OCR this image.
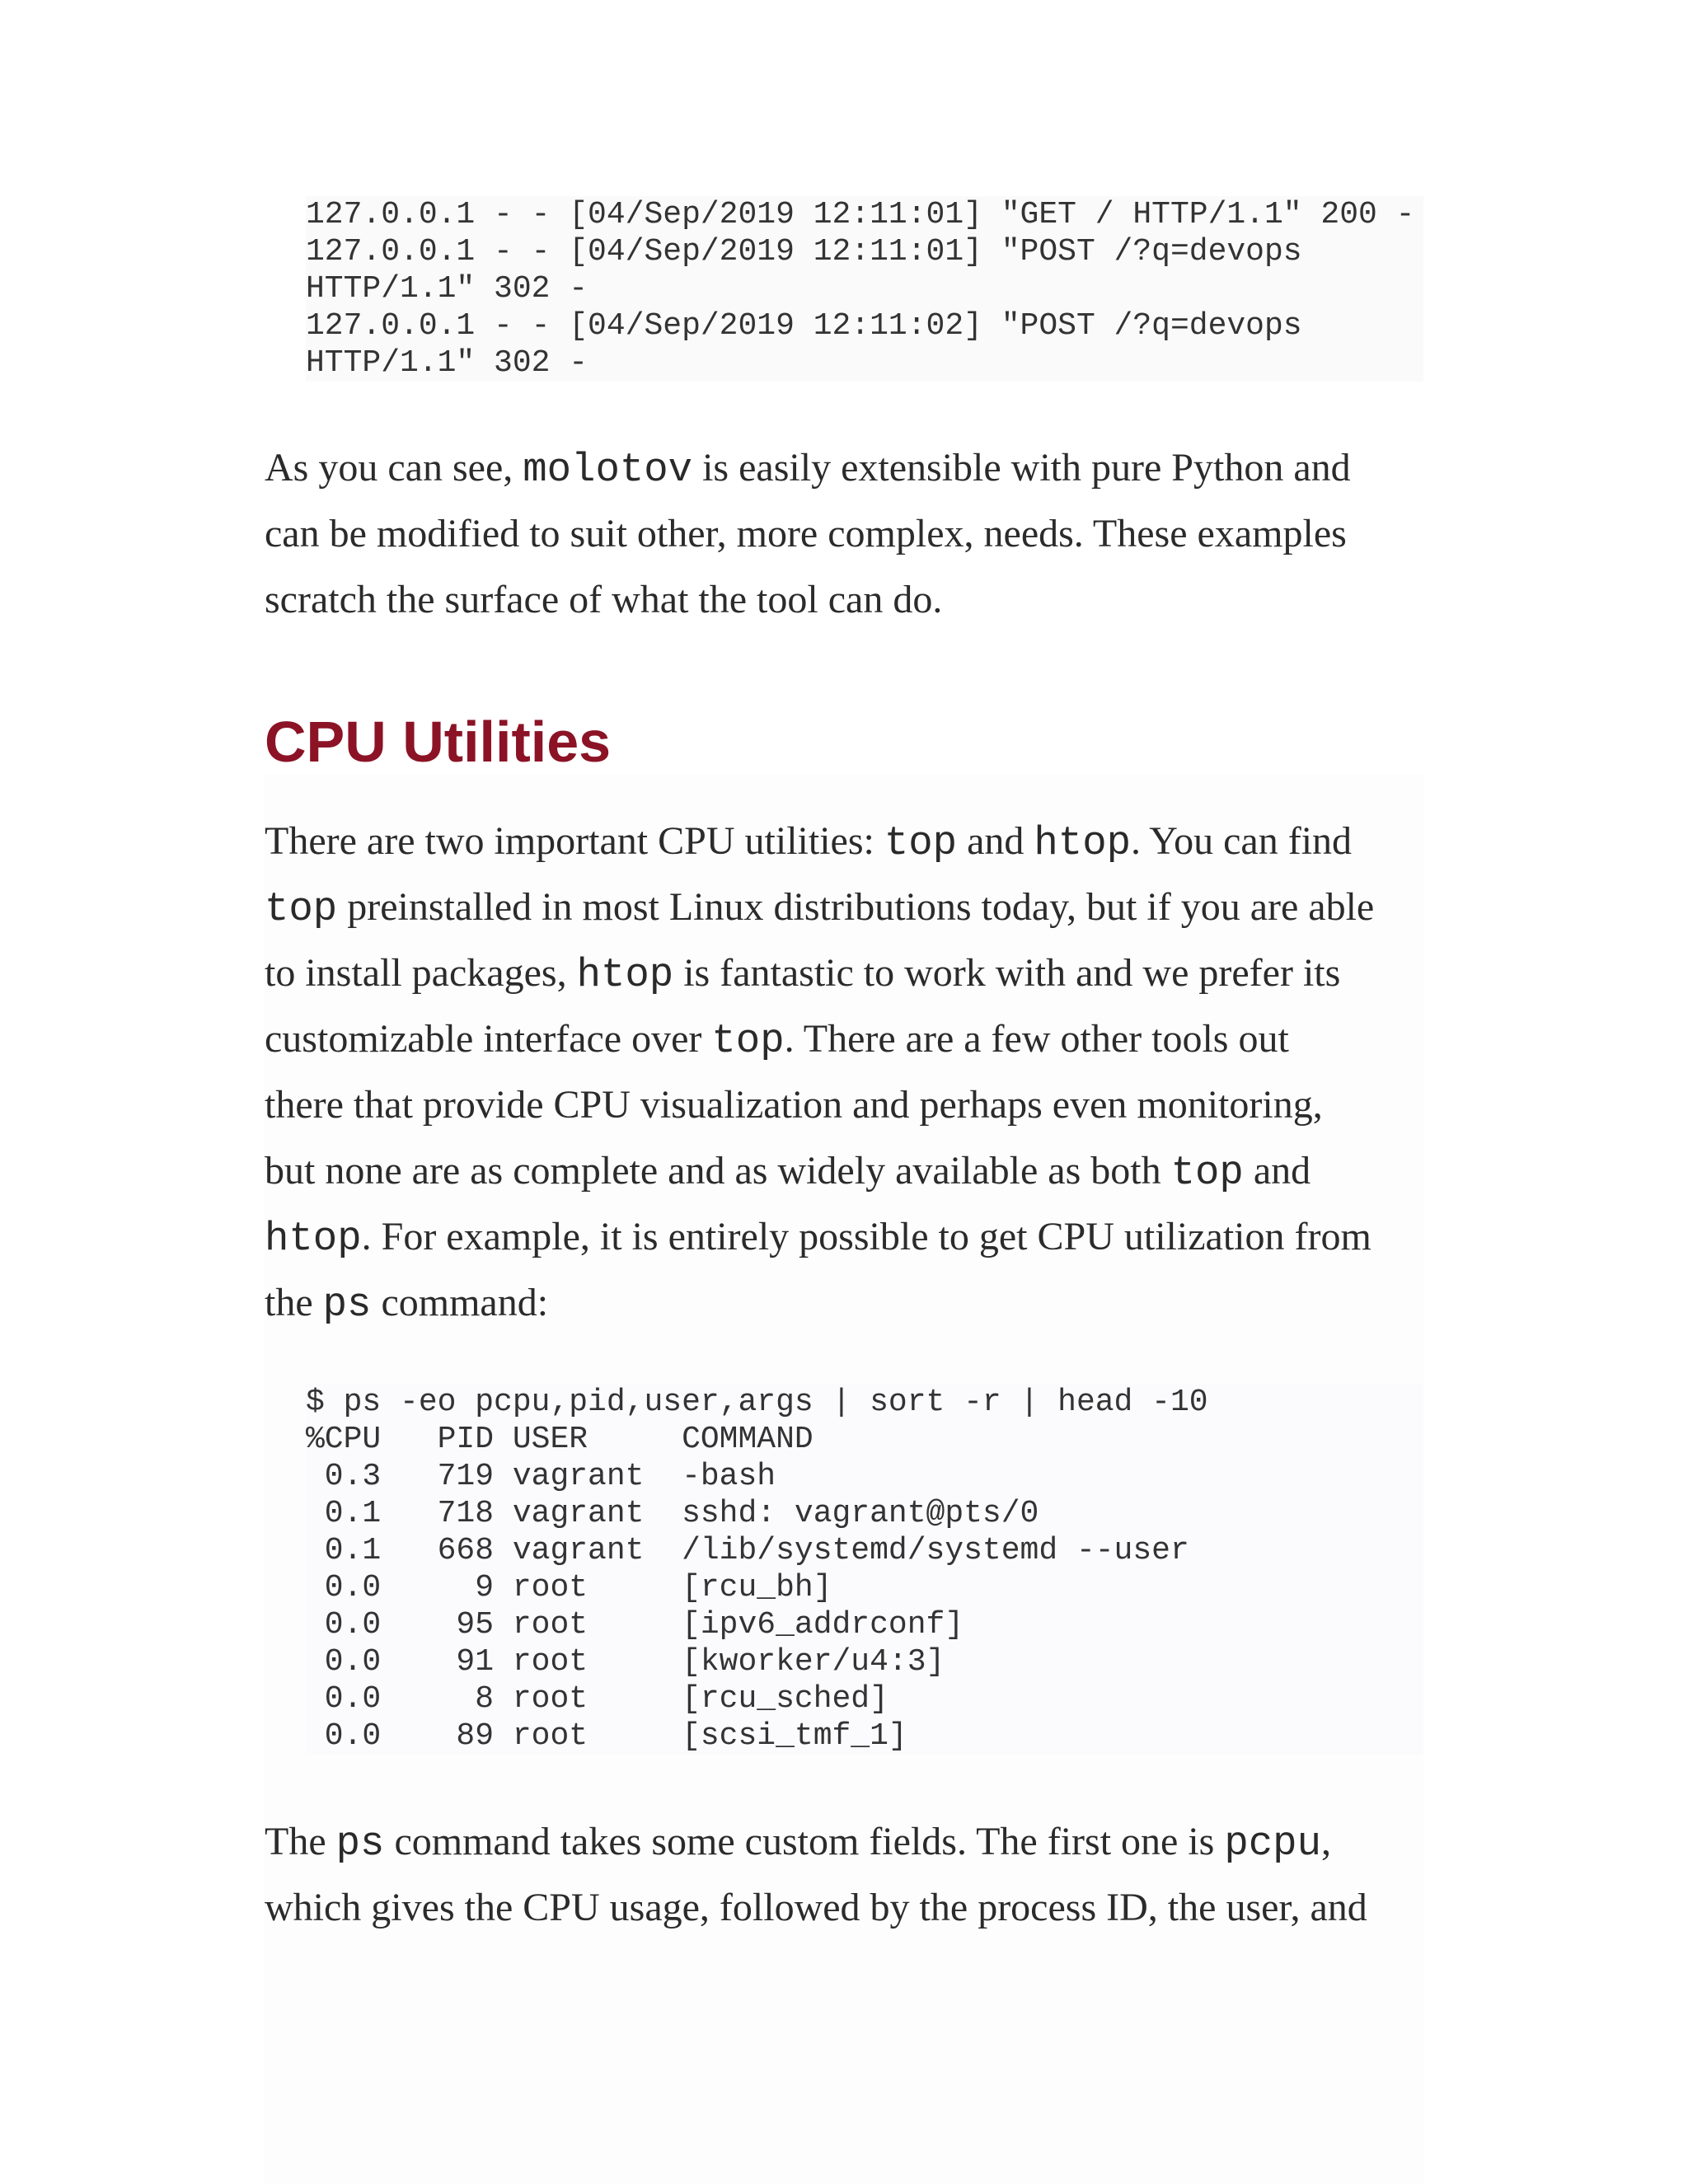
127.0.0.1 - - [04/Sep/2019 12:11:01] "GET / HTTP/1.1" 200 -
127.0.0.1 - - [04/Sep/2019 12:11:01] "POST /?q=devops
HTTP/1.1" 302 -
127.0.0.1 - - [04/Sep/2019 12:11:02] "POST /?q=devops
HTTP/1.1" 302 -
As you can see, molotov is easily extensible with pure Python and
can be modified to suit other, more complex, needs. These examples
scratch the surface of what the tool can do.
CPU Utilities
There are two important CPU utilities: top and htop. You can find
top preinstalled in most Linux distributions today, but if you are able
to install packages, htop is fantastic to work with and we prefer its
customizable interface over top. There are a few other tools out
there that provide CPU visualization and perhaps even monitoring,
but none are as complete and as widely available as both top and
htop. For example, it is entirely possible to get CPU utilization from
the ps command:
$ ps -eo pcpu,pid,user,args | sort -r | head -10
%CPU   PID USER     COMMAND
0.3   719 vagrant  -bash
0.1   718 vagrant  sshd: vagrant@pts/0
0.1   668 vagrant  /lib/systemd/systemd --user
0.0     9 root     [rcu_bh]
0.0    95 root     [ipv6_addrconf]
0.0    91 root     [kworker/u4:3]
0.0     8 root     [rcu_sched]
0.0    89 root     [scsi_tmf_1]
The ps command takes some custom fields. The first one is pcpu,
which gives the CPU usage, followed by the process ID, the user, and
